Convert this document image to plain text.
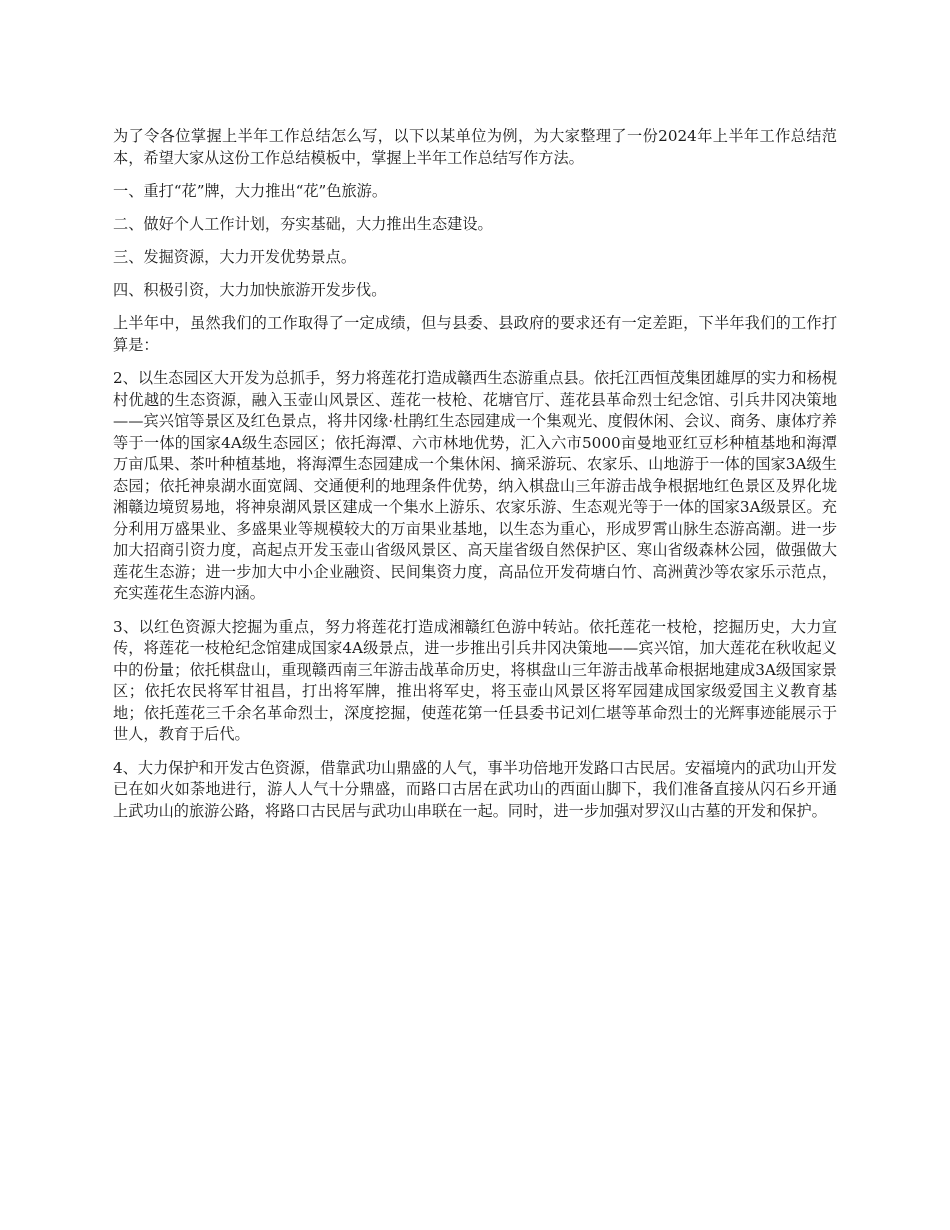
为了令各位掌握上半年工作总结怎么写，以下以某单位为例，为大家整理了一份2024年上半年工作总结范本，希望大家从这份工作总结模板中，掌握上半年工作总结写作方法。

一、重打“花”牌，大力推出“花”色旅游。

二、做好个人工作计划，夯实基础，大力推出生态建设。

三、发掘资源，大力开发优势景点。

四、积极引资，大力加快旅游开发步伐。

上半年中，虽然我们的工作取得了一定成绩，但与县委、县政府的要求还有一定差距，下半年我们的工作打算是：

2、以生态园区大开发为总抓手，努力将莲花打造成赣西生态游重点县。依托江西恒茂集团雄厚的实力和杨梘村优越的生态资源，融入玉壶山风景区、莲花一枝枪、花塘官厅、莲花县革命烈士纪念馆、引兵井冈决策地——宾兴馆等景区及红色景点，将井冈缘·杜鹃红生态园建成一个集观光、度假休闲、会议、商务、康体疗养等于一体的国家4A级生态园区；依托海潭、六市林地优势，汇入六市5000亩曼地亚红豆杉种植基地和海潭万亩瓜果、茶叶种植基地，将海潭生态园建成一个集休闲、摘采游玩、农家乐、山地游于一体的国家3A级生态园；依托神泉湖水面宽阔、交通便利的地理条件优势，纳入棋盘山三年游击战争根据地红色景区及界化垅湘赣边境贸易地，将神泉湖风景区建成一个集水上游乐、农家乐游、生态观光等于一体的国家3A级景区。充分利用万盛果业、多盛果业等规模较大的万亩果业基地，以生态为重心，形成罗霄山脉生态游高潮。进一步加大招商引资力度，高起点开发玉壶山省级风景区、高天崖省级自然保护区、寒山省级森林公园，做强做大莲花生态游；进一步加大中小企业融资、民间集资力度，高品位开发荷塘白竹、高洲黄沙等农家乐示范点，充实莲花生态游内涵。

3、以红色资源大挖掘为重点，努力将莲花打造成湘赣红色游中转站。依托莲花一枝枪，挖掘历史，大力宣传，将莲花一枝枪纪念馆建成国家4A级景点，进一步推出引兵井冈决策地——宾兴馆，加大莲花在秋收起义中的份量；依托棋盘山，重现赣西南三年游击战革命历史，将棋盘山三年游击战革命根据地建成3A级国家景区；依托农民将军甘祖昌，打出将军牌，推出将军史，将玉壶山风景区将军园建成国家级爱国主义教育基地；依托莲花三千余名革命烈士，深度挖掘，使莲花第一任县委书记刘仁堪等革命烈士的光辉事迹能展示于世人，教育于后代。

4、大力保护和开发古色资源，借靠武功山鼎盛的人气，事半功倍地开发路口古民居。安福境内的武功山开发已在如火如荼地进行，游人人气十分鼎盛，而路口古居在武功山的西面山脚下，我们准备直接从闪石乡开通上武功山的旅游公路，将路口古民居与武功山串联在一起。同时，进一步加强对罗汉山古墓的开发和保护。
